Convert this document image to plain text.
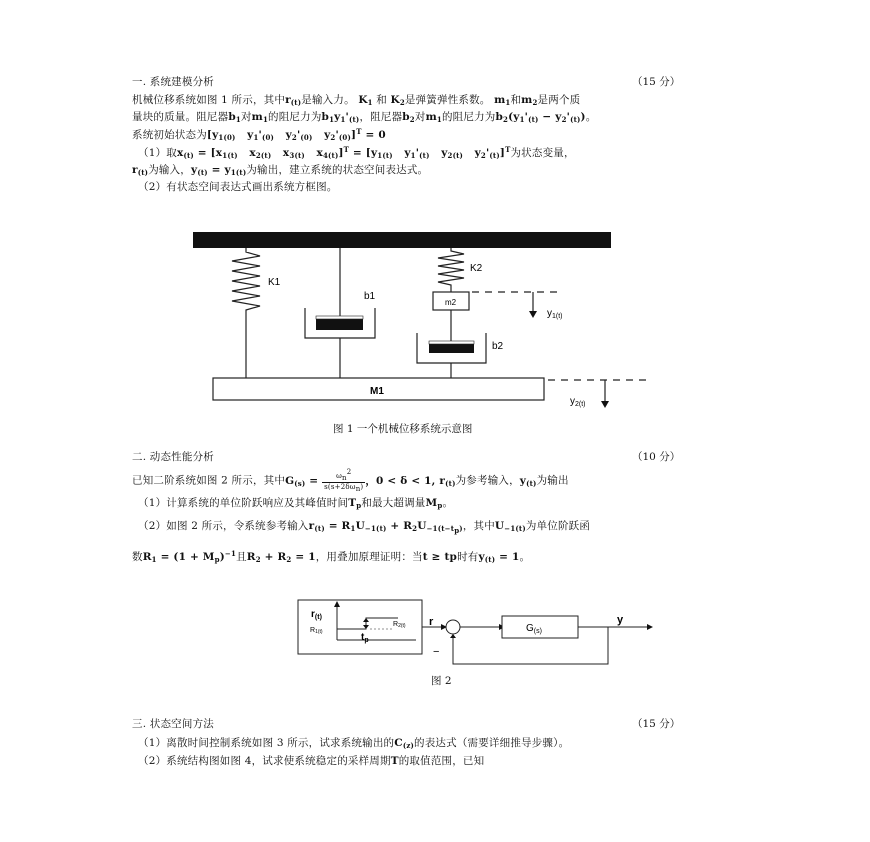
一. 系统建模分析	（15 分）
机械位移系统如图 1 所示，其中$r_{(t)}$是输入力。 $K_1$ 和 $K_2$是弹簧弹性系数。 $m_1$和$m_2$是两个质
量块的质量。阻尼器$b_1$对$m_1$的阻尼力为$b_1y_1'_{(t)}$，阻尼器$b_2$对$m_1$的阻尼力为$b_2(y_1'_{(t)} - y_2'_{(t)})$。
系统初始状态为[$y_{1(0)}$   $y_1'_{(0)}$   $y_2'_{(0)}$   $y_2'_{(0)}]^T = 0$
（1）取$x_{(t)} = [x_{1(t)}$   $x_{2(t)}$   $x_{3(t)}$   $x_{4(t)}]^T = [y_{1(t)}$   $y_1'_{(t)}$   $y_{2(t)}$   $y_2'_{(t)}]^T$为状态变量，
$r_{(t)}$为输入，$y_{(t)} = y_{1(t)}$为输出，建立系统的状态空间表达式。
（2）有状态空间表达式画出系统方框图。
K1
b1
K2
m2
b2
$y_{1(t)}$
M1
$y_{2(t)}$
$r_{(t)}$
R1(t)
R2(t)
$t_p$
r
$G_{(s)}$
y
−
图 1 一个机械位移系统示意图
二. 动态性能分析	（10 分）
已知二阶系统如图 2 所示，其中$G_{(s)} = \frac{\omega_n^2}{s(s+2\delta\omega_n)}$ ，0 < δ < 1, $r_{(t)}$为参考输入，$y_{(t)}$为输出
（1）计算系统的单位阶跃响应及其峰值时间$T_p$和最大超调量$M_p$。
（2）如图 2 所示，令系统参考输入$r_{(t)} = R_1U_{-1(t)} + R_2U_{-1(t-t_p)}$，其中$U_{-1(t)}$为单位阶跃函
数$R_1 = (1 + M_p)^{-1}$且$R_2 + R_2 = 1$，用叠加原理证明：当t ≥ tp时有$y_{(t)} = 1$。
图 2
三. 状态空间方法	（15 分）
（1）离散时间控制系统如图 3 所示，试求系统输出的$C_{(z)}$的表达式（需要详细推导步骤）。
（2）系统结构图如图 4，试求使系统稳定的采样周期T的取值范围，已知
